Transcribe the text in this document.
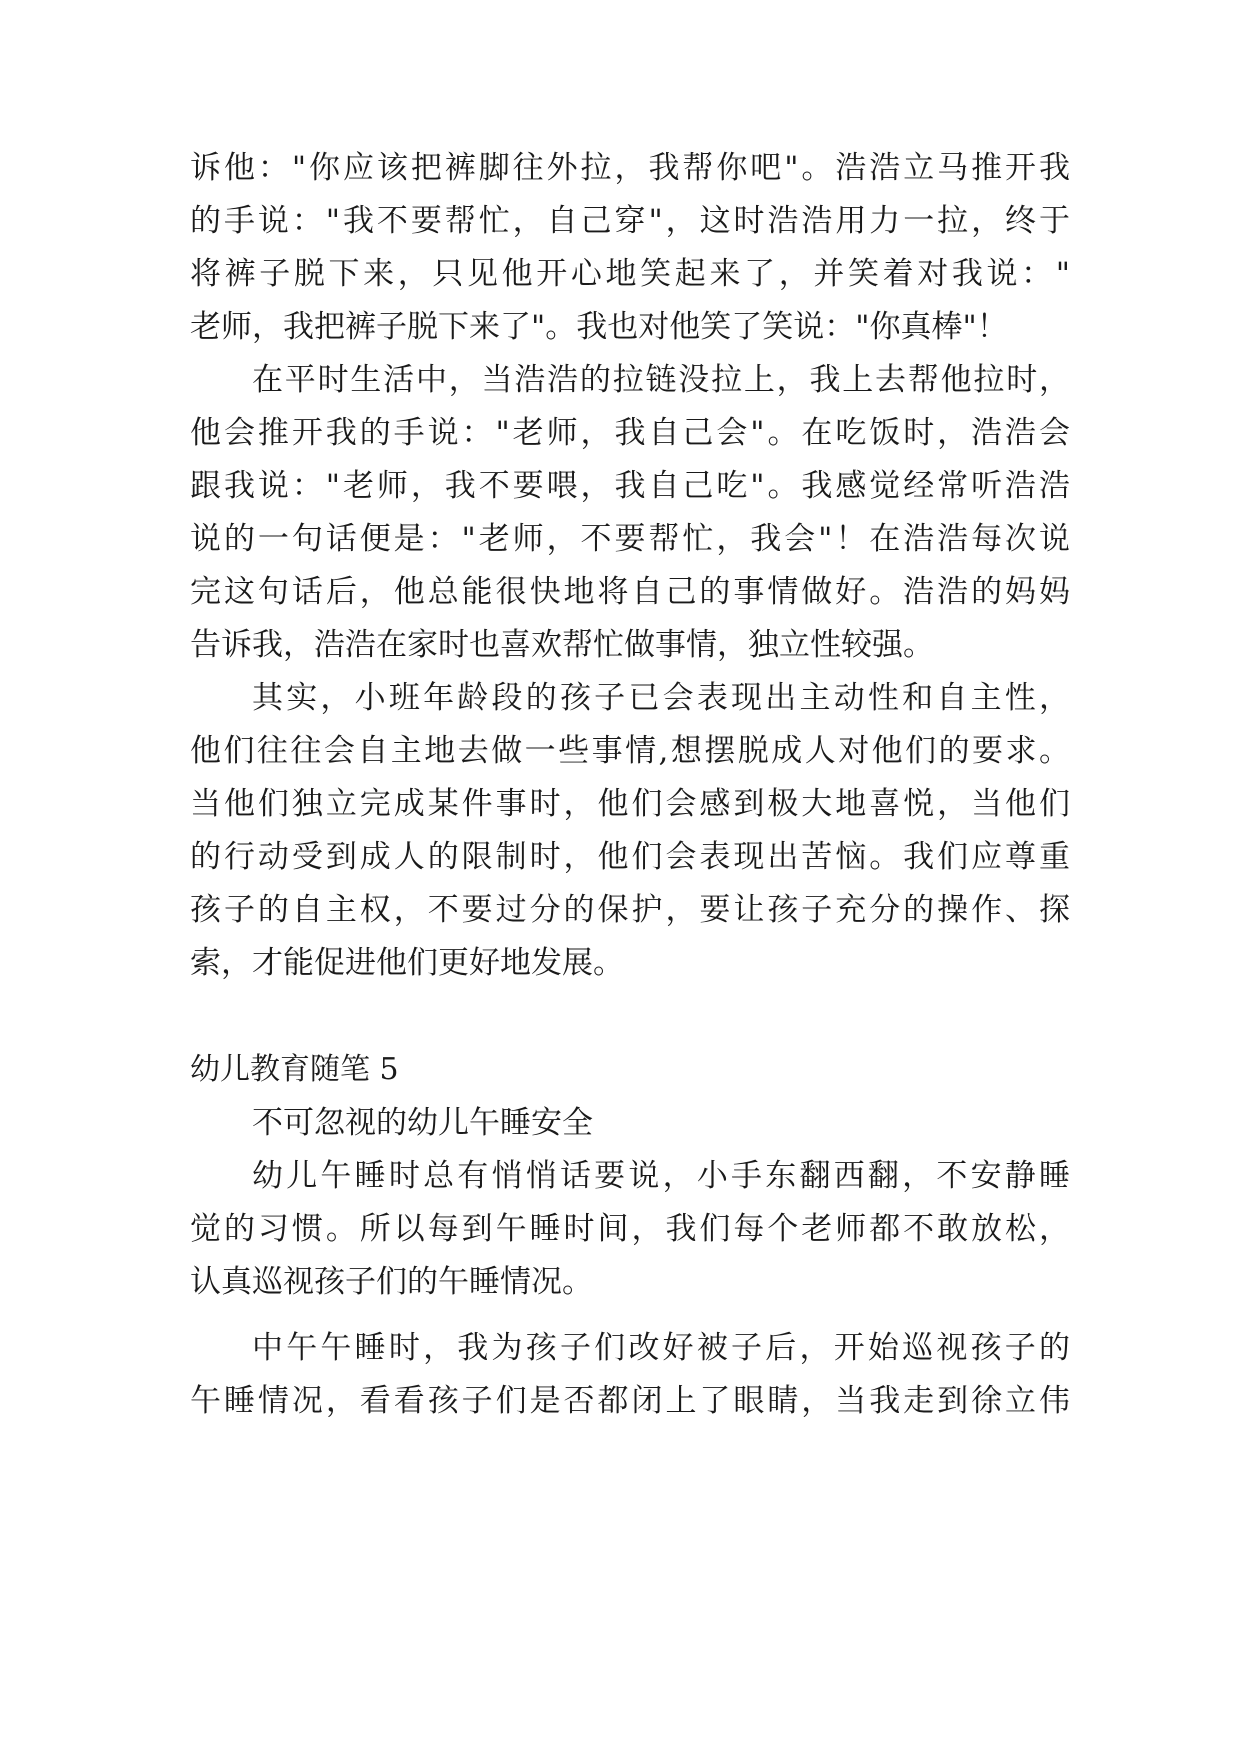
诉他："你应该把裤脚往外拉，我帮你吧"。浩浩立马推开我
的手说："我不要帮忙，自己穿"，这时浩浩用力一拉，终于
将裤子脱下来，只见他开心地笑起来了，并笑着对我说："
老师，我把裤子脱下来了"。我也对他笑了笑说："你真棒"！
在平时生活中，当浩浩的拉链没拉上，我上去帮他拉时，
他会推开我的手说："老师，我自己会"。在吃饭时，浩浩会
跟我说："老师，我不要喂，我自己吃"。我感觉经常听浩浩
说的一句话便是："老师，不要帮忙，我会"！在浩浩每次说
完这句话后，他总能很快地将自己的事情做好。浩浩的妈妈
告诉我，浩浩在家时也喜欢帮忙做事情，独立性较强。
其实，小班年龄段的孩子已会表现出主动性和自主性，
他们往往会自主地去做一些事情,想摆脱成人对他们的要求。
当他们独立完成某件事时，他们会感到极大地喜悦，当他们
的行动受到成人的限制时，他们会表现出苦恼。我们应尊重
孩子的自主权，不要过分的保护，要让孩子充分的操作、探
索，才能促进他们更好地发展。
幼儿教育随笔 5
不可忽视的幼儿午睡安全
幼儿午睡时总有悄悄话要说，小手东翻西翻，不安静睡
觉的习惯。所以每到午睡时间，我们每个老师都不敢放松，
认真巡视孩子们的午睡情况。
中午午睡时，我为孩子们改好被子后，开始巡视孩子的
午睡情况，看看孩子们是否都闭上了眼睛，当我走到徐立伟
